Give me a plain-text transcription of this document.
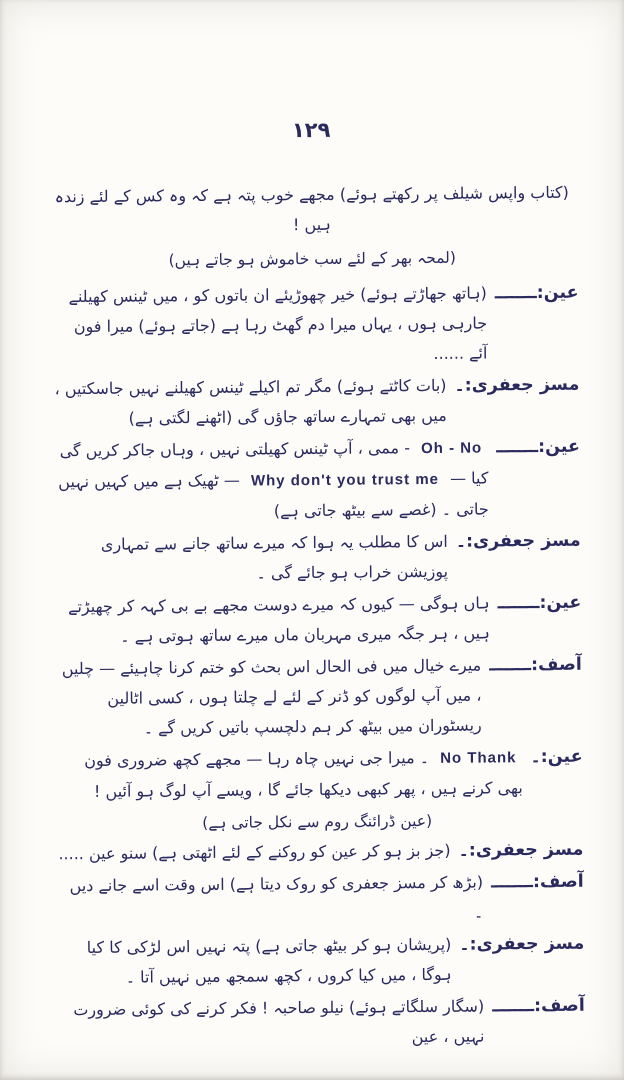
۱۲۹
(کتاب واپس شیلف پر رکھتے ہوئے) مجھے خوب پتہ ہے کہ وہ کس کے لئے زندہ ہیں !
(لمحہ بھر کے لئے سب خاموش ہو جاتے ہیں)
عین:ـــــــ
(ہاتھ جھاڑتے ہوئے) خیر چھوڑیئے ان باتوں کو ، میں ٹینس کھیلنے جارہی ہوں ، یہاں میرا دم گھٹ رہا ہے (جاتے ہوئے) میرا فون آئے ......
مسز جعفری:۔
(بات کاٹتے ہوئے) مگر تم اکیلے ٹینس کھیلنے نہیں جاسکتیں ، میں بھی تمہارے ساتھ جاؤں گی (اٹھنے لگتی ہے)
عین:ـــــــ
Oh - No - ممی ، آپ ٹینس کھیلتی نہیں ، وہاں جاکر کریں گی کیا — Why don't you trust me — ٹھیک ہے میں کہیں نہیں جاتی ۔ (غصے سے بیٹھ جاتی ہے)
مسز جعفری:۔
اس کا مطلب یہ ہوا کہ میرے ساتھ جانے سے تمہاری پوزیشن خراب ہو جائے گی ۔
عین:ـــــــ
ہاں ہوگی — کیوں کہ میرے دوست مجھے بے بی کہہ کر چھیڑتے ہیں ، ہر جگہ میری مہربان ماں میرے ساتھ ہوتی ہے ۔
آصف:ـــــــ
میرے خیال میں فی الحال اس بحث کو ختم کرنا چاہیئے — چلیں ، میں آپ لوگوں کو ڈنر کے لئے لے چلتا ہوں ، کسی اٹالین ریسٹوران میں بیٹھ کر ہم دلچسپ باتیں کریں گے ۔
عین:۔
No Thank ۔ میرا جی نہیں چاہ رہا — مجھے کچھ ضروری فون بھی کرنے ہیں ، پھر کبھی دیکھا جائے گا ، ویسے آپ لوگ ہو آئیں !
(عین ڈرائنگ روم سے نکل جاتی ہے)
مسز جعفری:۔
(جز بز ہو کر عین کو روکنے کے لئے اٹھتی ہے) سنو عین .....
آصف:ـــــــ
(بڑھ کر مسز جعفری کو روک دیتا ہے) اس وقت اسے جانے دیں ۔
مسز جعفری:۔
(پریشان ہو کر بیٹھ جاتی ہے) پتہ نہیں اس لڑکی کا کیا ہوگا ، میں کیا کروں ، کچھ سمجھ میں نہیں آتا ۔
آصف:ـــــــ
(سگار سلگاتے ہوئے) نیلو صاحبہ ! فکر کرنے کی کوئی ضرورت نہیں ، عین
